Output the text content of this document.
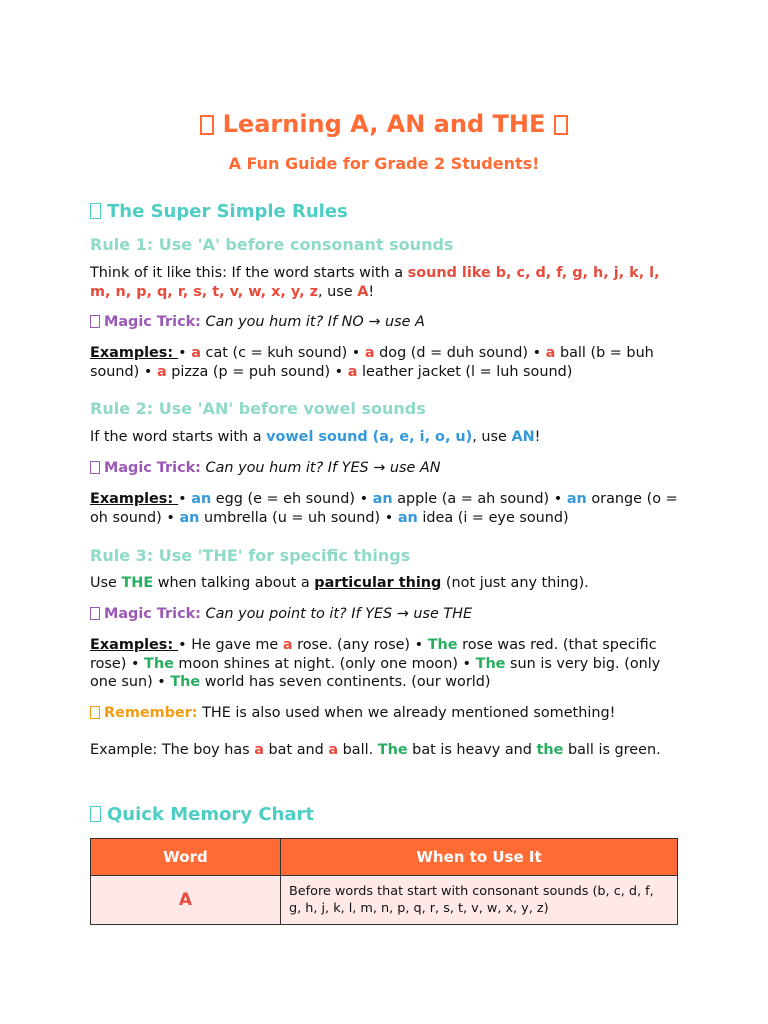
Learning A, AN and THE
A Fun Guide for Grade 2 Students!
The Super Simple Rules
Rule 1: Use 'A' before consonant sounds
Think of it like this: If the word starts with a sound like b, c, d, f, g, h, j, k, l, m, n, p, q, r, s, t, v, w, x, y, z, use A!
Magic Trick: Can you hum it? If NO → use A
Examples: • a cat (c = kuh sound) • a dog (d = duh sound) • a ball (b = buh sound) • a pizza (p = puh sound) • a leather jacket (l = luh sound)
Rule 2: Use 'AN' before vowel sounds
If the word starts with a vowel sound (a, e, i, o, u), use AN!
Magic Trick: Can you hum it? If YES → use AN
Examples: • an egg (e = eh sound) • an apple (a = ah sound) • an orange (o = oh sound) • an umbrella (u = uh sound) • an idea (i = eye sound)
Rule 3: Use 'THE' for specific things
Use THE when talking about a particular thing (not just any thing).
Magic Trick: Can you point to it? If YES → use THE
Examples: • He gave me a rose. (any rose) • The rose was red. (that specific rose) • The moon shines at night. (only one moon) • The sun is very big. (only one sun) • The world has seven continents. (our world)
Remember: THE is also used when we already mentioned something!
Example: The boy has a bat and a ball. The bat is heavy and the ball is green.
Quick Memory Chart
Word	When to Use It
A	Before words that start with consonant sounds (b, c, d, f, g, h, j, k, l, m, n, p, q, r, s, t, v, w, x, y, z)
